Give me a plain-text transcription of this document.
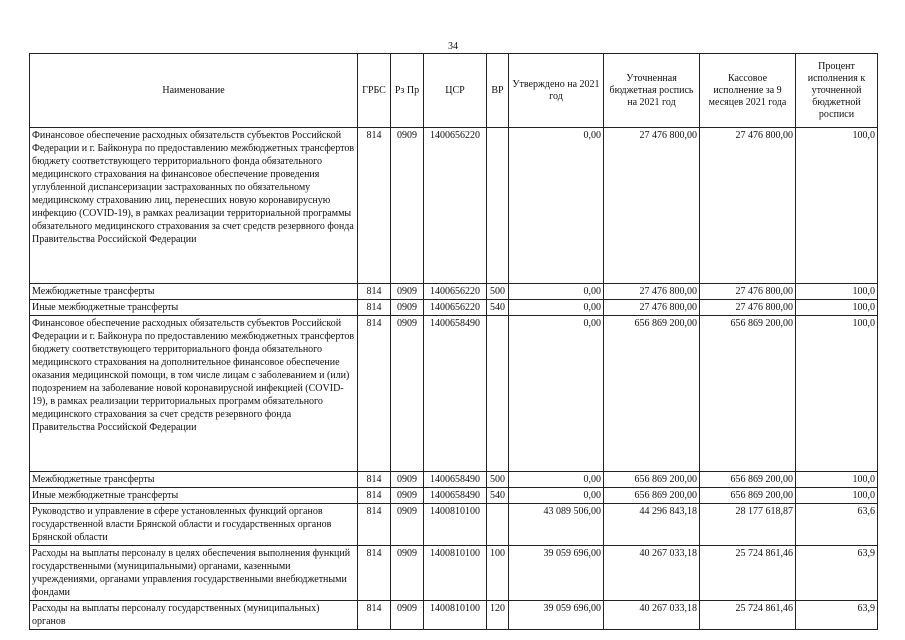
34
Наименование	ГРБС	Рз Пр	ЦСР	ВР	Утверждено на 2021 год	Уточненная бюджетная роспись на 2021 год	Кассовое исполнение за 9 месяцев 2021 года	Процент исполнения к уточненной бюджетной росписи
Финансовое обеспечение расходных обязательств субъектов Российской Федерации и г. Байконура по предоставлению межбюджетных трансфертов бюджету соответствующего территориального фонда обязательного медицинского страхования на финансовое обеспечение проведения углубленной диспансеризации застрахованных по обязательному медицинскому страхованию лиц, перенесших новую коронавирусную инфекцию (COVID-19), в рамках реализации территориальной программы обязательного медицинского страхования за счет средств резервного фонда Правительства Российской Федерации	814	0909	1400656220		0,00	27 476 800,00	27 476 800,00	100,0
Межбюджетные трансферты	814	0909	1400656220	500	0,00	27 476 800,00	27 476 800,00	100,0
Иные межбюджетные трансферты	814	0909	1400656220	540	0,00	27 476 800,00	27 476 800,00	100,0
Финансовое обеспечение расходных обязательств субъектов Российской Федерации и г. Байконура по предоставлению межбюджетных трансфертов бюджету соответствующего территориального фонда обязательного медицинского страхования на дополнительное финансовое обеспечение оказания медицинской помощи, в том числе лицам с заболеванием и (или) подозрением на заболевание новой коронавирусной инфекцией (COVID-19), в рамках реализации территориальных программ обязательного медицинского страхования за счет средств резервного фонда Правительства Российской Федерации	814	0909	1400658490		0,00	656 869 200,00	656 869 200,00	100,0
Межбюджетные трансферты	814	0909	1400658490	500	0,00	656 869 200,00	656 869 200,00	100,0
Иные межбюджетные трансферты	814	0909	1400658490	540	0,00	656 869 200,00	656 869 200,00	100,0
Руководство и управление в сфере установленных функций органов государственной власти Брянской области и государственных органов Брянской области	814	0909	1400810100		43 089 506,00	44 296 843,18	28 177 618,87	63,6
Расходы на выплаты персоналу в целях обеспечения выполнения функций государственными (муниципальными) органами, казенными учреждениями, органами управления государственными внебюджетными фондами	814	0909	1400810100	100	39 059 696,00	40 267 033,18	25 724 861,46	63,9
Расходы на выплаты персоналу государственных (муниципальных) органов	814	0909	1400810100	120	39 059 696,00	40 267 033,18	25 724 861,46	63,9
